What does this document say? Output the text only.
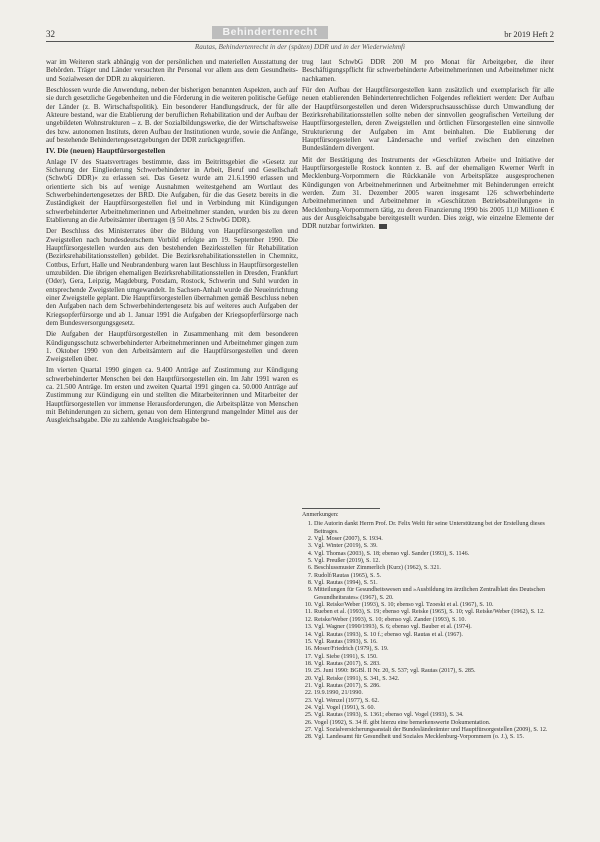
32	Behindertenrecht	br 2019 Heft 2
Rautas, Behindertenrecht in der (späten) DDR und in der Wiederwiehmfi

war im Weiteren stark abhängig von der persönlichen und materiellen Ausstattung der Behörden. Träger und Länder versuchten ihr Personal vor allem aus dem Gesundheits- und Sozialwesen der DDR zu akquirieren.

Beschlossen wurde die Anwendung, neben der bisherigen benannten Aspekten, auch auf sie durch gesetzliche Gegebenheiten und die Förderung in die weiteren politische Gefüge der Länder (z. B. Wirtschaftspolitik). Ein besonderer Handlungsdruck, der für alle Akteure bestand, war die Etablierung der beruflichen Rehabilitation und der Aufbau der ungebildeten Wohnstrukturen – z. B. der Sozialbildungswerke, die der Wirtschaftsweise des bzw. autonomen Instituts, deren Aufbau der Institutionen wurde, sowie die Anfänge, auf bestehende Behindertengesetzgebungen der DDR zurückgegriffen.

IV. Die (neuen) Hauptfürsorgestellen

Anlage IV des Staatsvertrages bestimmte, dass im Beitrittsgebiet die »Gesetz zur Sicherung der Eingliederung Schwerbehinderter in Arbeit, Beruf und Gesellschaft (SchwbG DDR)« zu erlassen sei. Das Gesetz wurde am 21.6.1990 erlassen und orientierte sich bis auf wenige Ausnahmen weitestgehend am Wortlaut des Schwerbehindertengesetzes der BRD. Die Aufgaben, für die das Gesetz bereits in die Zuständigkeit der Hauptfürsorgestellen fiel und in Verbindung mit Kündigungen schwerbehinderter Arbeitnehmerinnen und Arbeitnehmer standen, wurden bis zu deren Etablierung an die Arbeitsämter übertragen (§ 50 Abs. 2 SchwbG DDR).

Der Beschluss des Ministerrates über die Bildung von Hauptfürsorgestellen und Zweigstellen nach bundesdeutschem Vorbild erfolgte am 19. September 1990. Die Hauptfürsorgestellen wurden aus den bestehenden Bezirksstellen für Rehabilitation (Bezirksrehabilitationsstellen) gebildet. Die Bezirksrehabilitationsstellen in Chemnitz, Cottbus, Erfurt, Halle und Neubrandenburg waren laut Beschluss in Hauptfürsorgestellen umzubilden. Die übrigen ehemaligen Bezirksrehabilitationsstellen in Dresden, Frankfurt (Oder), Gera, Leipzig, Magdeburg, Potsdam, Rostock, Schwerin und Suhl wurden in entsprechende Zweigstellen umgewandelt. In Sachsen-Anhalt wurde die Neueinrichtung einer Zweigstelle geplant. Die Hauptfürsorgestellen übernahmen gemäß Beschluss neben den Aufgaben nach dem Schwerbehindertengesetz bis auf weiteres auch Aufgaben der Kriegsopferfürsorge und ab 1. Januar 1991 die Aufgaben der Kriegsopferfürsorge nach dem Bundesversorgungsgesetz.

Die Aufgaben der Hauptfürsorgestellen in Zusammenhang mit dem besonderen Kündigungsschutz schwerbehinderter Arbeitnehmerinnen und Arbeitnehmer gingen zum 1. Oktober 1990 von den Arbeitsämtern auf die Hauptfürsorgestellen und deren Zweigstellen über.

Im vierten Quartal 1990 gingen ca. 9.400 Anträge auf Zustimmung zur Kündigung schwerbehinderter Menschen bei den Hauptfürsorgestellen ein. Im Jahr 1991 waren es ca. 21.500 Anträge. Im ersten und zweiten Quartal 1991 gingen ca. 50.000 Anträge auf Zustimmung zur Kündigung ein und stellten die Mitarbeiterinnen und Mitarbeiter der Hauptfürsorgestellen vor immense Herausforderungen, die Arbeitsplätze von Menschen mit Behinderungen zu sichern, genau von dem Hintergrund mangelnder Mittel aus der Ausgleichsabgabe. Die zu zahlende Ausgleichsabgabe be-

trug laut SchwbG DDR 200 M pro Monat für Arbeitgeber, die ihrer Beschäftigungspflicht für schwerbehinderte Arbeitnehmerinnen und Arbeitnehmer nicht nachkamen.

Für den Aufbau der Hauptfürsorgestellen kann zusätzlich und exemplarisch für alle neuen etablierenden Behindertenrechtlichen Folgendes reflektiert werden: Der Aufbau der Hauptfürsorgestellen und deren Widerspruchsausschüsse durch Umwandlung der Bezirksrehabilitationsstellen sollte neben der sinnvollen geografischen Verteilung der Hauptfürsorgestellen, deren Zweigstellen und örtlichen Fürsorgestellen eine sinnvolle Strukturierung der Aufgaben im Amt beinhalten. Die Etablierung der Hauptfürsorgestellen war Ländersache und verlief zwischen den einzelnen Bundesländern divergent.

Mit der Bestätigung des Instruments der »Geschützten Arbeit« und Initiative der Hauptfürsorgestelle Rostock konnten z. B. auf der ehemaligen Kwerner Werft in Mecklenburg-Vorpommern die Rückkanäle von Arbeitsplätze ausgesprochenen Kündigungen von Arbeitnehmerinnen und Arbeitnehmer mit Behinderungen erreicht werden. Zum 31. Dezember 2005 waren insgesamt 126 schwerbehinderte Arbeitnehmerinnen und Arbeitnehmer in »Geschützten Betriebsabteilungen« in Mecklenburg-Vorpommern tätig, zu deren Finanzierung 1990 bis 2005 11,0 Millionen € aus der Ausgleichsabgabe bereitgestellt wurden. Dies zeigt, wie einzelne Elemente der DDR nutzbar fortwirkten.

Anmerkungen:
1. Die Autorin dankt Herrn Prof. Dr. Felix Welti für seine Unterstützung bei der Erstellung dieses Beitrages.
2. Vgl. Moser (2007), S. 1934.
3. Vgl. Winter (2019), S. 39.
4. Vgl. Thomas (2003), S. 18; ebenso vgl. Sander (1993), S. 1146.
5. Vgl. Preußer (2019), S. 12.
6. Beschlussmuster Zimmerlich (Kurz) (1962), S. 321.
7. Rudolf/Rautas (1965), S. 5.
8. Vgl. Rautas (1994), S. 51.
9. Mitteilungen für Gesundheitswesen und »Ausbildung im ärztlichen Zentralblatt des Deutschen Gesundheitsrates« (1967), S. 20.
10. Vgl. Reiske/Weber (1993), S. 10; ebenso vgl. Tzoeski et al. (1967), S. 10.
11. Rueben et al. (1993), S. 19; ebenso vgl. Reiske (1965), S. 10; vgl. Reiske/Weber (1962), S. 12.
12. Reiske/Weber (1993), S. 10; ebenso vgl. Zander (1993), S. 10.
13. Vgl. Wagner (1990/1993), S. 6; ebenso vgl. Bauber et al. (1974).
14. Vgl. Rautas (1993), S. 10 f.; ebenso vgl. Rautas et al. (1967).
15. Vgl. Rautas (1993), S. 16.
16. Moser/Friedrich (1979), S. 19.
17. Vgl. Siebe (1991), S. 150.
18. Vgl. Rautas (2017), S. 283.
19. 25. Juni 1990: BGBl. II Nr. 20, S. 537; vgl. Rautas (2017), S. 285.
20. Vgl. Reiske (1991), S. 341, S. 342.
21. Vgl. Rautas (2017), S. 286.
22. 19.9.1990, 21/1990.
23. Vgl. Wenzel (1977), S. 62.
24. Vgl. Vogel (1991), S. 60.
25. Vgl. Rautas (1993), S. 1361; ebenso vgl. Vogel (1993), S. 34.
26. Vogel (1992), S. 34 ff. gibt hierzu eine bemerkenswerte Dokumentation.
27. Vgl. Sozialversicherungsanstalt der Bundesländerämter und Hauptfürsorgestellen (2009), S. 12.
28. Vgl. Landesamt für Gesundheit und Soziales Mecklenburg-Vorpommern (o. J.), S. 15.
